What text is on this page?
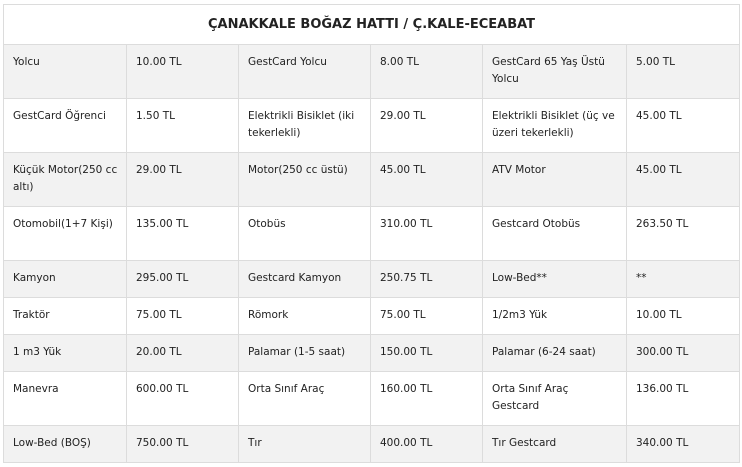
ÇANAKKALE BOĞAZ HATTI / Ç.KALE-ECEABAT					
Yolcu	10.00 TL	GestCard Yolcu	8.00 TL	GestCard 65 Yaş Üstü Yolcu	5.00 TL
GestCard Öğrenci	1.50 TL	Elektrikli Bisiklet (iki tekerlekli)	29.00 TL	Elektrikli Bisiklet (üç ve üzeri tekerlekli)	45.00 TL
Küçük Motor(250 cc altı)	29.00 TL	Motor(250 cc üstü)	45.00 TL	ATV Motor	45.00 TL
Otomobil(1+7 Kişi)	135.00 TL	Otobüs	310.00 TL	Gestcard Otobüs	263.50 TL
Kamyon	295.00 TL	Gestcard Kamyon	250.75 TL	Low-Bed**	**
Traktör	75.00 TL	Römork	75.00 TL	1/2m3 Yük	10.00 TL
1 m3 Yük	20.00 TL	Palamar (1-5 saat)	150.00 TL	Palamar (6-24 saat)	300.00 TL
Manevra	600.00 TL	Orta Sınıf Araç	160.00 TL	Orta Sınıf Araç Gestcard	136.00 TL
Low-Bed (BOŞ)	750.00 TL	Tır	400.00 TL	Tır Gestcard	340.00 TL
